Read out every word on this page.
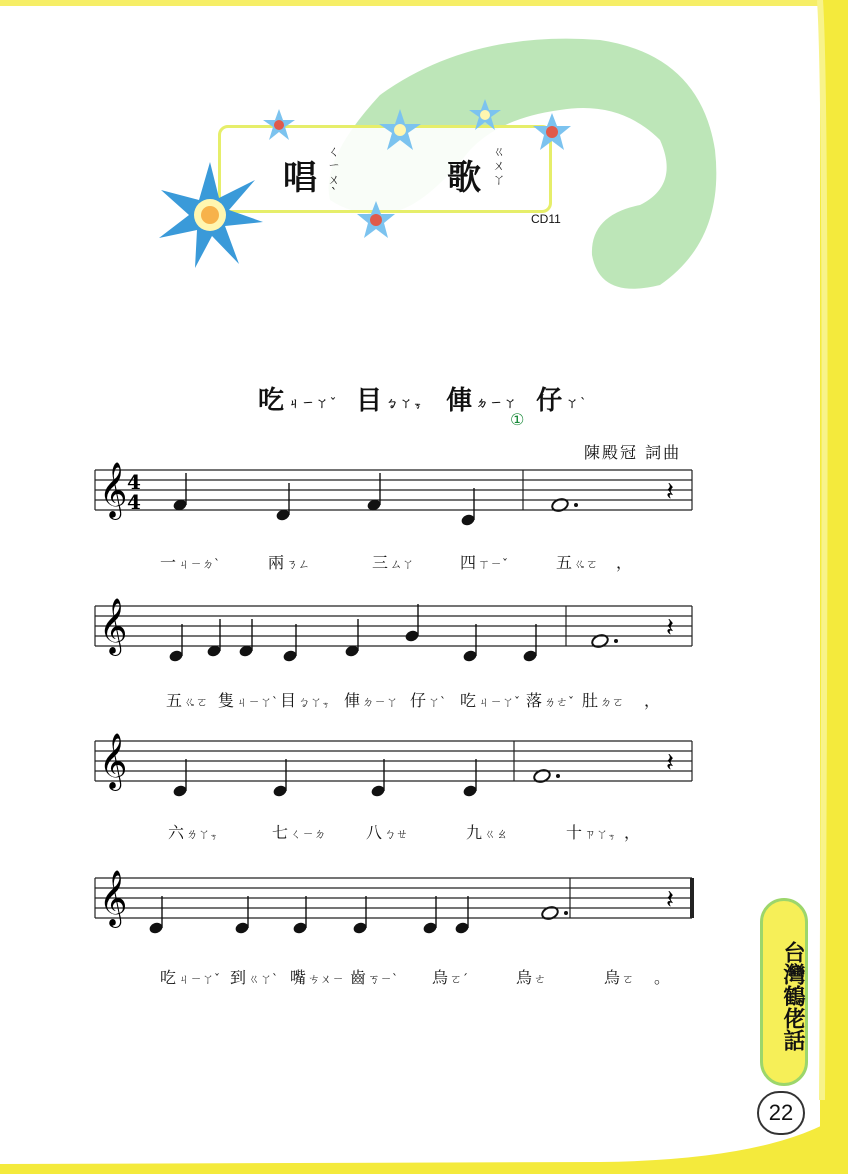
唱
ㄑㄧㄨˋ	歌
ㄍㄨㄚ
CD11
吃 ㄐㄧㄚˇ 目 ㆠㄚㆶ 俥 ㄉㄧㄚ 仔 ㄚˋ
①
陳殿冠 詞曲
𝄞 4
4	𝄽
𝄞	𝄽
𝄞	𝄽
𝄞	𝄽
一 ㄐㄧㄉˋ	兩 ㄋㄥ	三 ㄙㄚ	四 ㄒㄧˇ	五 ㆣㄛ ，
五 ㆣㄛ 隻 ㄐㄧㄚˋ 目 ㆠㄚㆶ 俥 ㄉㄧㄚ 仔 ㄚˋ 吃 ㄐㄧㄚˇ 落 ㄌㄜˇ 肚 ㄉㄛ ，
六 ㄌㄚㆶ	七 ㄑㄧㄉ 八 ㄅㄝ	九 ㄍㄠ	十 ㄗㄚㆶ ，
吃 ㄐㄧㄚˇ 到 ㄍㄚˋ 嘴 ㄘㄨㄧ 齒 ㄎㄧˋ 烏 ㄛˊ	烏 ㄜ	烏 ㄛ 。	台灣鶴佬話
22
